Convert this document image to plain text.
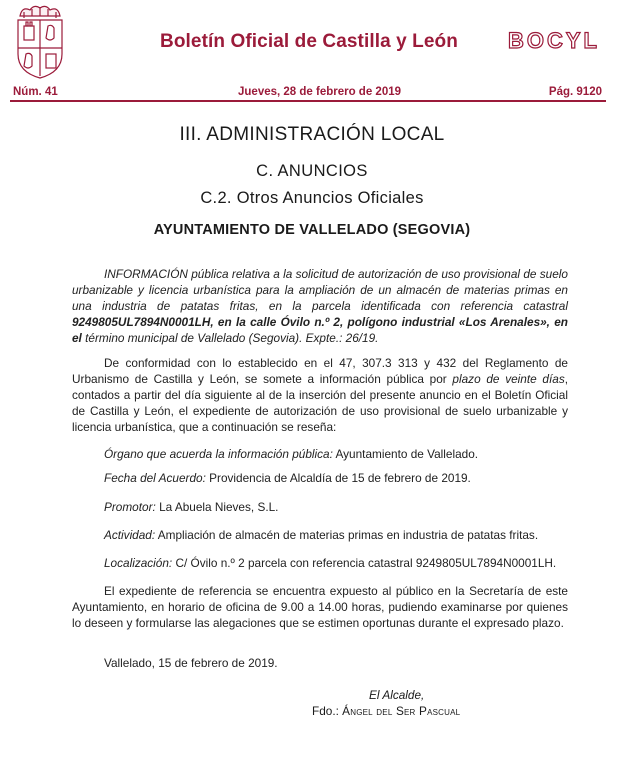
Boletín Oficial de Castilla y León BOCYL
Núm. 41	Jueves, 28 de febrero de 2019	Pág. 9120
III. ADMINISTRACIÓN LOCAL
C. ANUNCIOS
C.2. Otros Anuncios Oficiales
AYUNTAMIENTO DE VALLELADO (SEGOVIA)
INFORMACIÓN pública relativa a la solicitud de autorización de uso provisional de suelo urbanizable y licencia urbanística para la ampliación de un almacén de materias primas en una industria de patatas fritas, en la parcela identificada con referencia catastral 9249805UL7894N0001LH, en la calle Óvilo n.º 2, polígono industrial «Los Arenales», en el término municipal de Vallelado (Segovia). Expte.: 26/19.
De conformidad con lo establecido en el 47, 307.3 313 y 432 del Reglamento de Urbanismo de Castilla y León, se somete a información pública por plazo de veinte días, contados a partir del día siguiente al de la inserción del presente anuncio en el Boletín Oficial de Castilla y León, el expediente de autorización de uso provisional de suelo urbanizable y licencia urbanística, que a continuación se reseña:
Órgano que acuerda la información pública: Ayuntamiento de Vallelado.
Fecha del Acuerdo: Providencia de Alcaldía de 15 de febrero de 2019.
Promotor: La Abuela Nieves, S.L.
Actividad: Ampliación de almacén de materias primas en industria de patatas fritas.
Localización: C/ Óvilo n.º 2 parcela con referencia catastral 9249805UL7894N0001LH.
El expediente de referencia se encuentra expuesto al público en la Secretaría de este Ayuntamiento, en horario de oficina de 9.00 a 14.00 horas, pudiendo examinarse por quienes lo deseen y formularse las alegaciones que se estimen oportunas durante el expresado plazo.
Vallelado, 15 de febrero de 2019.
El Alcalde,
Fdo.: Ángel del Ser Pascual
